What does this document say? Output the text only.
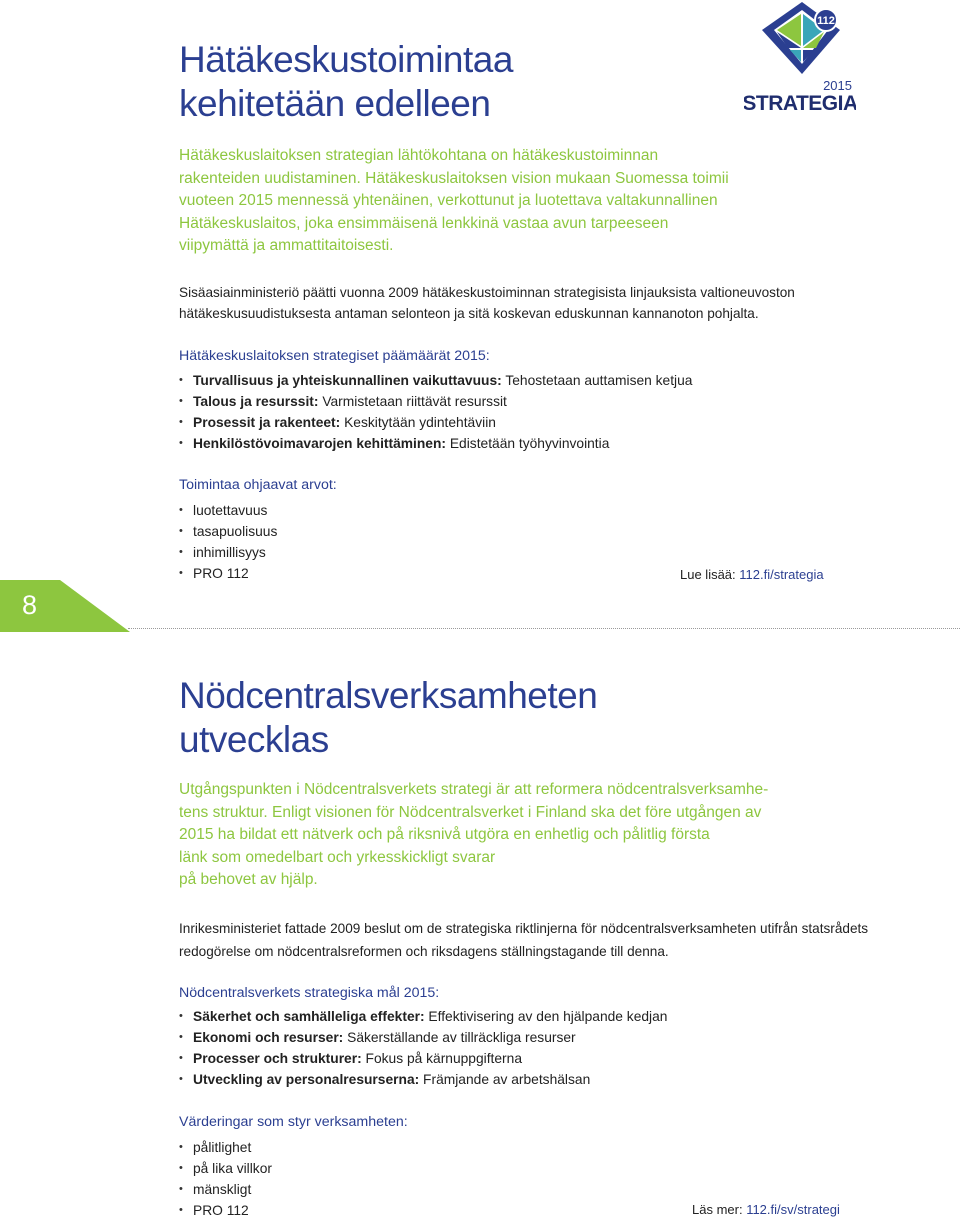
112
2015
STRATEGIA
Hätäkeskustoimintaa
kehitetään edelleen

Hätäkeskuslaitoksen strategian lähtökohtana on hätäkeskustoiminnan
rakenteiden uudistaminen. Hätäkeskuslaitoksen vision mukaan Suomessa toimii
vuoteen 2015 mennessä yhtenäinen, verkottunut ja luotettava valtakunnallinen
Hätäkeskuslaitos, joka ensimmäisenä lenkkinä vastaa avun tarpeeseen
viipymättä ja ammattitaitoisesti.

Sisäasiainministeriö päätti vuonna 2009 hätäkeskustoiminnan strategisista linjauksista valtioneuvoston hätäkeskusuudistuksesta antaman selonteon ja sitä koskevan eduskunnan kannanoton pohjalta.

Hätäkeskuslaitoksen strategiset päämäärät 2015:

• Turvallisuus ja yhteiskunnallinen vaikuttavuus: Tehostetaan auttamisen ketjua
• Talous ja resurssit: Varmistetaan riittävät resurssit
• Prosessit ja rakenteet: Keskitytään ydintehtäviin
• Henkilöstövoimavarojen kehittäminen: Edistetään työhyvinvointia

Toimintaa ohjaavat arvot:

• luotettavuus
• tasapuolisuus
• inhimillisyys
• PRO 112	Lue lisää: 112.fi/strategia
8
Nödcentralsverksamheten
utvecklas

Utgångspunkten i Nödcentralsverkets strategi är att reformera nödcentralsverksamhe-
tens struktur. Enligt visionen för Nödcentralsverket i Finland ska det före utgången av
2015 ha bildat ett nätverk och på riksnivå utgöra en enhetlig och pålitlig första
länk som omedelbart och yrkesskickligt svarar
på behovet av hjälp.

Inrikesministeriet fattade 2009 beslut om de strategiska riktlinjerna för nödcentralsverksamheten utifrån statsrådets redogörelse om nödcentralsreformen och riksdagens ställningstagande till denna.

Nödcentralsverkets strategiska mål 2015:

• Säkerhet och samhälleliga effekter: Effektivisering av den hjälpande kedjan
• Ekonomi och resurser: Säkerställande av tillräckliga resurser
• Processer och strukturer: Fokus på kärnuppgifterna
• Utveckling av personalresurserna: Främjande av arbetshälsan

Värderingar som styr verksamheten:

• pålitlighet
• på lika villkor
• mänskligt
• PRO 112	Läs mer: 112.fi/sv/strategi
